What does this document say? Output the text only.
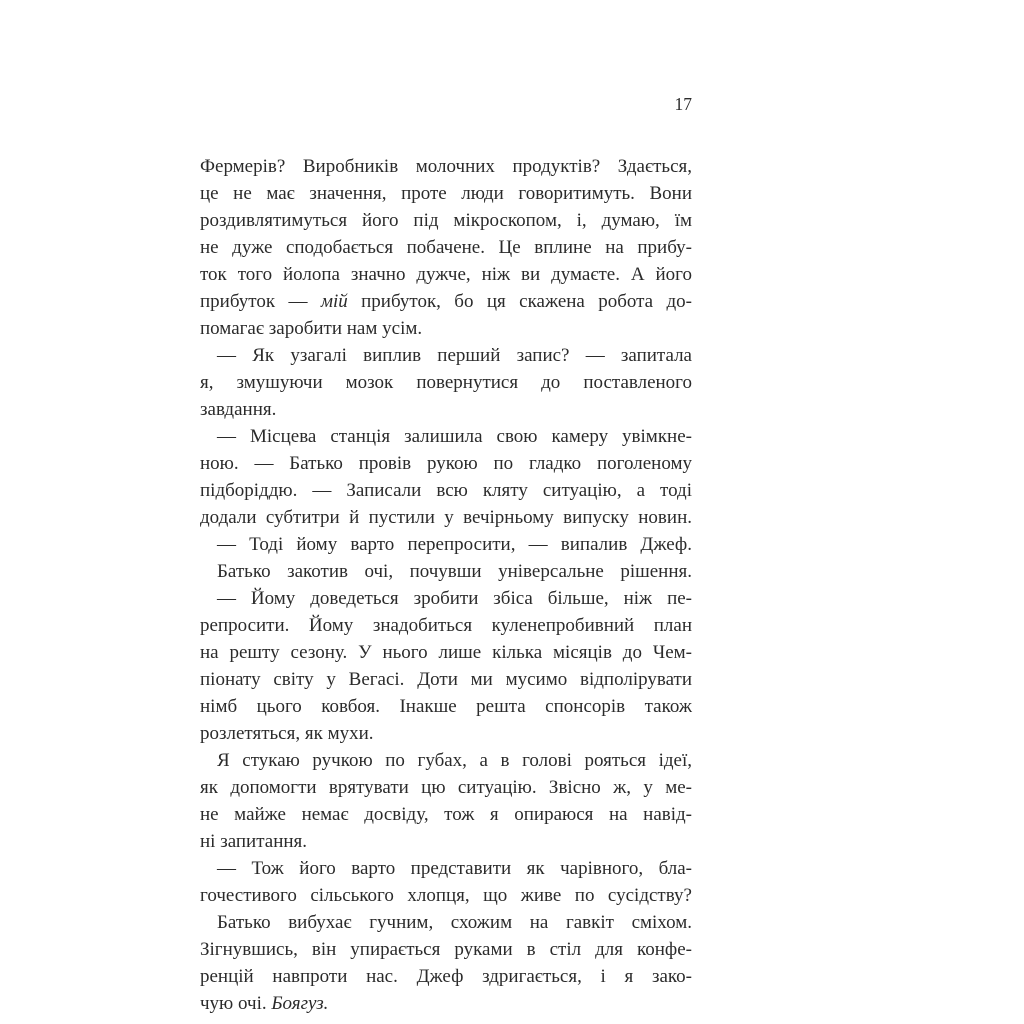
17

Фермерів? Виробників молочних продуктів? Здається,
це не має значення, проте люди говоритимуть. Вони
роздивлятимуться його під мікроскопом, і, думаю, їм
не дуже сподобається побачене. Це вплине на прибу-
ток того йолопа значно дужче, ніж ви думаєте. А його
прибуток — мій прибуток, бо ця скажена робота до-
помагає заробити нам усім.

— Як узагалі виплив перший запис? — запитала
я, змушуючи мозок повернутися до поставленого
завдання.

— Місцева станція залишила свою камеру увімкне-
ною. — Батько провів рукою по гладко поголеному
підборіддю. — Записали всю кляту ситуацію, а тоді
додали субтитри й пустили у вечірньому випуску новин.

— Тоді йому варто перепросити, — випалив Джеф.

Батько закотив очі, почувши універсальне рішення.

— Йому доведеться зробити збіса більше, ніж пе-
репросити. Йому знадобиться куленепробивний план
на решту сезону. У нього лише кілька місяців до Чем-
піонату світу у Вегасі. Доти ми мусимо відполірувати
німб цього ковбоя. Інакше решта спонсорів також
розлетяться, як мухи.

Я стукаю ручкою по губах, а в голові рояться ідеї,
як допомогти врятувати цю ситуацію. Звісно ж, у ме-
не майже немає досвіду, тож я опираюся на навід-
ні запитання.

— Тож його варто представити як чарівного, бла-
гочестивого сільського хлопця, що живе по сусідству?

Батько вибухає гучним, схожим на гавкіт сміхом.
Зігнувшись, він упирається руками в стіл для конфе-
ренцій навпроти нас. Джеф здригається, і я зако-
чую очі. Боягуз.
